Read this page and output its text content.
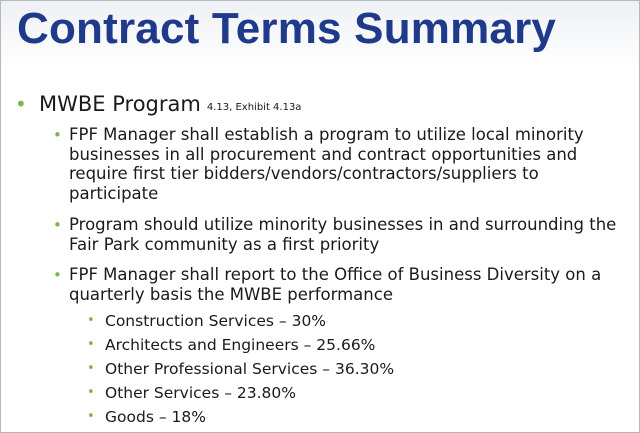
Contract Terms Summary
• MWBE Program 4.13, Exhibit 4.13a
• FPF Manager shall establish a program to utilize local minority businesses in all procurement and contract opportunities and require first tier bidders/vendors/contractors/suppliers to participate
• Program should utilize minority businesses in and surrounding the Fair Park community as a first priority
• FPF Manager shall report to the Office of Business Diversity on a quarterly basis the MWBE performance
• Construction Services – 30%
• Architects and Engineers – 25.66%
• Other Professional Services – 36.30%
• Other Services – 23.80%
• Goods – 18%
